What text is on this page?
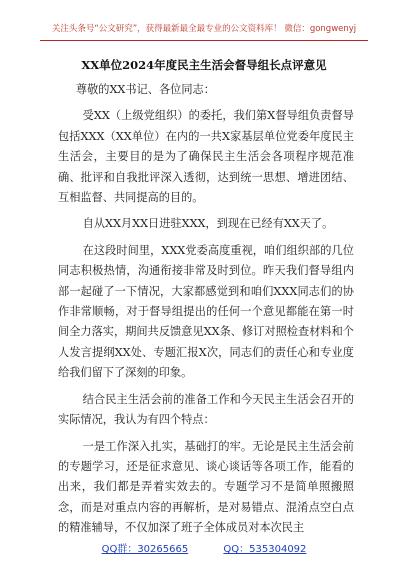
关注头条号“公文研究”，获得最新最全最专业的公文资料库！ 微信：gongwenyj
XX单位2024年度民主生活会督导组长点评意见

尊敬的XX书记、各位同志：

受XX（上级党组织）的委托，我们第X督导组负责督导包括XXX（XX单位）在内的一共X家基层单位党委年度民主生活会，主要目的是为了确保民主生活会各项程序规范准确、批评和自我批评深入透彻，达到统一思想、增进团结、互相监督、共同提高的目的。

自从XX月XX日进驻XXX，到现在已经有XX天了。

在这段时间里，XXX党委高度重视，咱们组织部的几位同志积极热情，沟通衔接非常及时到位。昨天我们督导组内部一起碰了一下情况，大家都感觉到和咱们XXX同志们的协作非常顺畅，对于督导组提出的任何一个意见都能在第一时间全力落实，期间共反馈意见XX条、修订对照检查材料和个人发言提纲XX处、专题汇报X次，同志们的责任心和专业度给我们留下了深刻的印象。

结合民主生活会前的准备工作和今天民主生活会召开的实际情况，我认为有四个特点：

一是工作深入扎实，基础打的牢。无论是民主生活会前的专题学习，还是征求意见、谈心谈话等各项工作，能看的出来，我们都是弄着实效去的。专题学习不是简单照搬照念，而是对重点内容的再解析，是对易错点、混淆点空白点的精准辅导，不仅加深了班子全体成员对本次民主

QQ群：30265665	QQ：535304092
